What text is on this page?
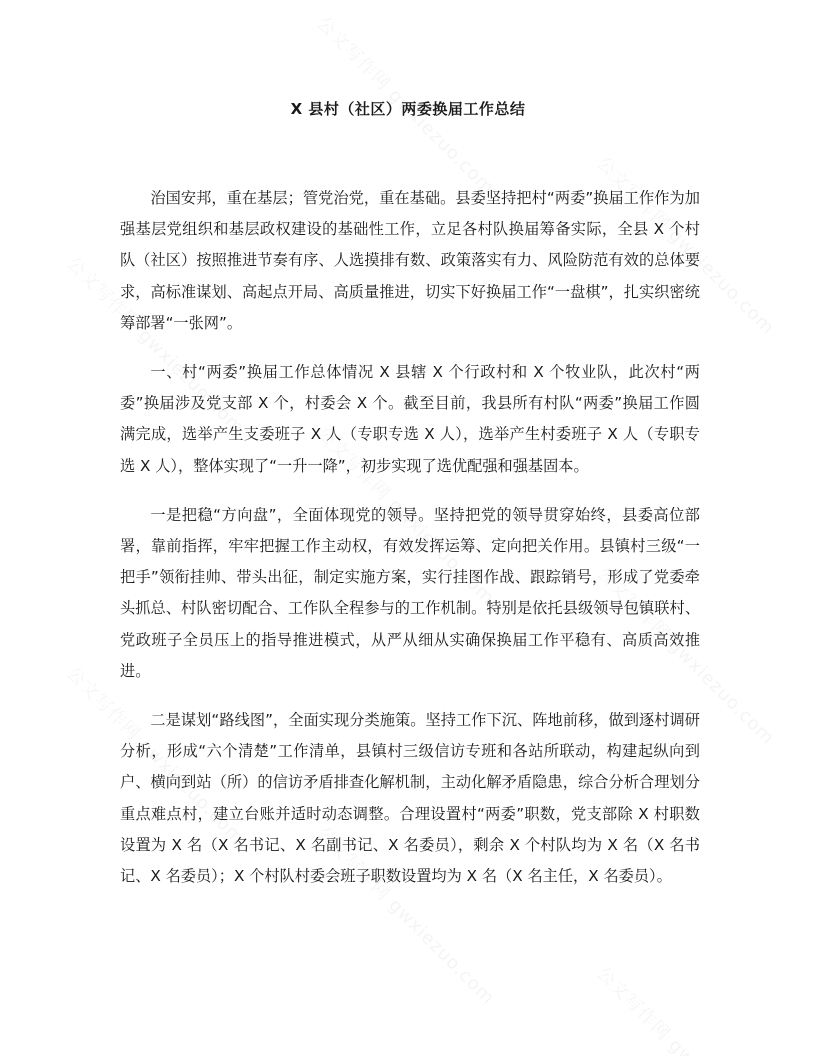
X 县村（社区）两委换届工作总结

治国安邦，重在基层；管党治党，重在基础。县委坚持把村“两委”换届工作作为加强基层党组织和基层政权建设的基础性工作，立足各村队换届筹备实际，全县 X 个村队（社区）按照推进节奏有序、人选摸排有数、政策落实有力、风险防范有效的总体要求，高标准谋划、高起点开局、高质量推进，切实下好换届工作“一盘棋”，扎实织密统筹部署“一张网”。

一、村“两委”换届工作总体情况 X 县辖 X 个行政村和 X 个牧业队，此次村“两委”换届涉及党支部 X 个，村委会 X 个。截至目前，我县所有村队“两委”换届工作圆满完成，选举产生支委班子 X 人（专职专选 X 人），选举产生村委班子 X 人（专职专选 X 人），整体实现了“一升一降”，初步实现了选优配强和强基固本。

一是把稳“方向盘”，全面体现党的领导。坚持把党的领导贯穿始终，县委高位部署，靠前指挥，牢牢把握工作主动权，有效发挥运筹、定向把关作用。县镇村三级“一把手”领衔挂帅、带头出征，制定实施方案，实行挂图作战、跟踪销号，形成了党委牵头抓总、村队密切配合、工作队全程参与的工作机制。特别是依托县级领导包镇联村、党政班子全员压上的指导推进模式，从严从细从实确保换届工作平稳有、高质高效推进。

二是谋划“路线图”，全面实现分类施策。坚持工作下沉、阵地前移，做到逐村调研分析，形成“六个清楚”工作清单，县镇村三级信访专班和各站所联动，构建起纵向到户、横向到站（所）的信访矛盾排查化解机制，主动化解矛盾隐患，综合分析合理划分重点难点村，建立台账并适时动态调整。合理设置村“两委”职数，党支部除 X 村职数设置为 X 名（X 名书记、X 名副书记、X 名委员），剩余 X 个村队均为 X 名（X 名书记、X 名委员）；X 个村队村委会班子职数设置均为 X 名（X 名主任，X 名委员）。
